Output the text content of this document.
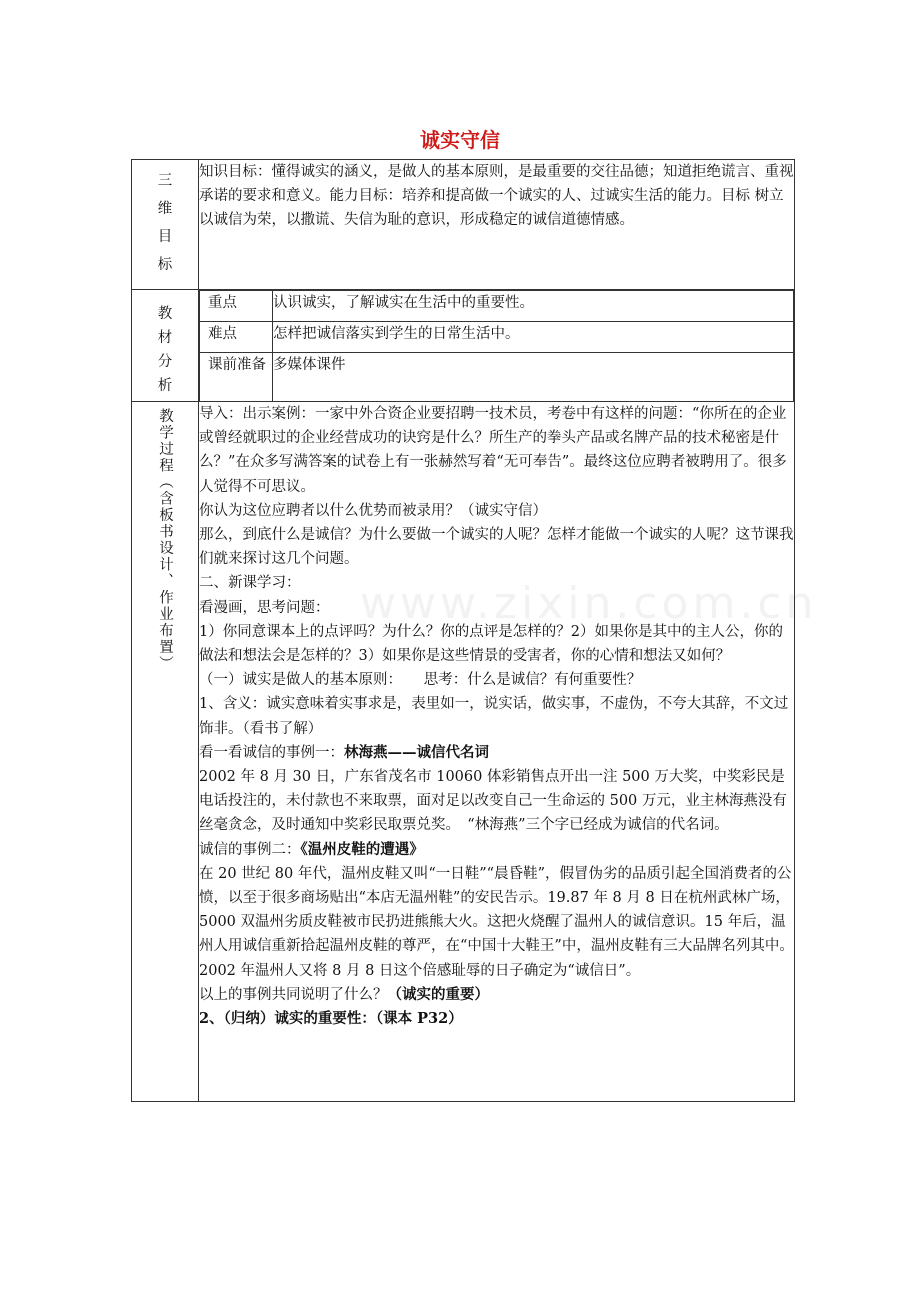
www.zixin.com.cn
诚实守信
三
维
目
标
	知识目标：懂得诚实的涵义，是做人的基本原则，是最重要的交往品德；知道拒绝谎言、重视承诺的要求和意义。能力目标：培养和提高做一个诚实的人、过诚实生活的能力。目标 树立以诚信为荣，以撒谎、失信为耻的意识，形成稳定的诚信道德情感。

教
材
分
析

重点	认识诚实，了解诚实在生活中的重要性。
难点	怎样把诚信落实到学生的日常生活中。
课前准备	多媒体课件

教学过程（含板书设计、作业布置）	导入：出示案例：一家中外合资企业要招聘一技术员，考卷中有这样的问题：“你所在的企业或曾经就职过的企业经营成功的诀窍是什么？所生产的拳头产品或名牌产品的技术秘密是什么？”在众多写满答案的试卷上有一张赫然写着“无可奉告”。最终这位应聘者被聘用了。很多人觉得不可思议。

你认为这位应聘者以什么优势而被录用？（诚实守信）

那么，到底什么是诚信？为什么要做一个诚实的人呢？怎样才能做一个诚实的人呢？这节课我们就来探讨这几个问题。

二、新课学习：

看漫画，思考问题：

1）你同意课本上的点评吗？为什么？你的点评是怎样的？2）如果你是其中的主人公，你的做法和想法会是怎样的？3）如果你是这些情景的受害者，你的心情和想法又如何？

（一）诚实是做人的基本原则：　　思考：什么是诚信？有何重要性？

1、含义：诚实意味着实事求是，表里如一，说实话，做实事，不虚伪，不夸大其辞，不文过饰非。（看书了解）

看一看诚信的事例一：林海燕——诚信代名词

2002 年 8 月 30 日，广东省茂名市 10060 体彩销售点开出一注 500 万大奖，中奖彩民是电话投注的，未付款也不来取票，面对足以改变自己一生命运的 500 万元，业主林海燕没有丝毫贪念，及时通知中奖彩民取票兑奖。　“林海燕”三个字已经成为诚信的代名词。

诚信的事例二：《温州皮鞋的遭遇》

在 20 世纪 80 年代，温州皮鞋又叫“一日鞋”“晨昏鞋”，假冒伪劣的品质引起全国消费者的公愤，以至于很多商场贴出“本店无温州鞋”的安民告示。19.87 年 8 月 8 日在杭州武林广场，5000 双温州劣质皮鞋被市民扔进熊熊大火。这把火烧醒了温州人的诚信意识。15 年后，温州人用诚信重新拾起温州皮鞋的尊严，在“中国十大鞋王”中，温州皮鞋有三大品牌名列其中。2002 年温州人又将 8 月 8 日这个倍感耻辱的日子确定为“诚信日”。

以上的事例共同说明了什么？（诚实的重要）

2、（归纳）诚实的重要性：（课本 P32）
